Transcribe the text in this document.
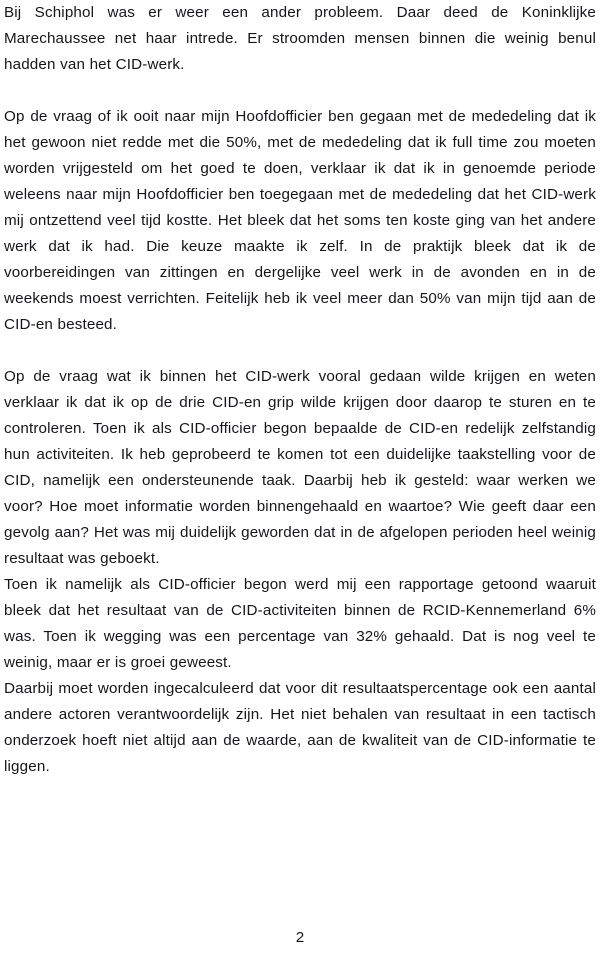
Bij Schiphol was er weer een ander probleem. Daar deed de Koninklijke Marechaussee net haar intrede. Er stroomden mensen binnen die weinig benul hadden van het CID-werk.

Op de vraag of ik ooit naar mijn Hoofdofficier ben gegaan met de mededeling dat ik het gewoon niet redde met die 50%, met de mededeling dat ik full time zou moeten worden vrijgesteld om het goed te doen, verklaar ik dat ik in genoemde periode weleens naar mijn Hoofdofficier ben toegegaan met de mededeling dat het CID-werk mij ontzettend veel tijd kostte. Het bleek dat het soms ten koste ging van het andere werk dat ik had. Die keuze maakte ik zelf. In de praktijk bleek dat ik de voorbereidingen van zittingen en dergelijke veel werk in de avonden en in de weekends moest verrichten. Feitelijk heb ik veel meer dan 50% van mijn tijd aan de CID-en besteed.

Op de vraag wat ik binnen het CID-werk vooral gedaan wilde krijgen en weten verklaar ik dat ik op de drie CID-en grip wilde krijgen door daarop te sturen en te controleren. Toen ik als CID-officier begon bepaalde de CID-en redelijk zelfstandig hun activiteiten. Ik heb geprobeerd te komen tot een duidelijke taakstelling voor de CID, namelijk een ondersteunende taak. Daarbij heb ik gesteld: waar werken we voor? Hoe moet informatie worden binnengehaald en waartoe? Wie geeft daar een gevolg aan? Het was mij duidelijk geworden dat in de afgelopen perioden heel weinig resultaat was geboekt.

Toen ik namelijk als CID-officier begon werd mij een rapportage getoond waaruit bleek dat het resultaat van de CID-activiteiten binnen de RCID-Kennemerland 6% was. Toen ik wegging was een percentage van 32% gehaald. Dat is nog veel te weinig, maar er is groei geweest.

Daarbij moet worden ingecalculeerd dat voor dit resultaatspercentage ook een aantal andere actoren verantwoordelijk zijn. Het niet behalen van resultaat in een tactisch onderzoek hoeft niet altijd aan de waarde, aan de kwaliteit van de CID-informatie te liggen.

2
